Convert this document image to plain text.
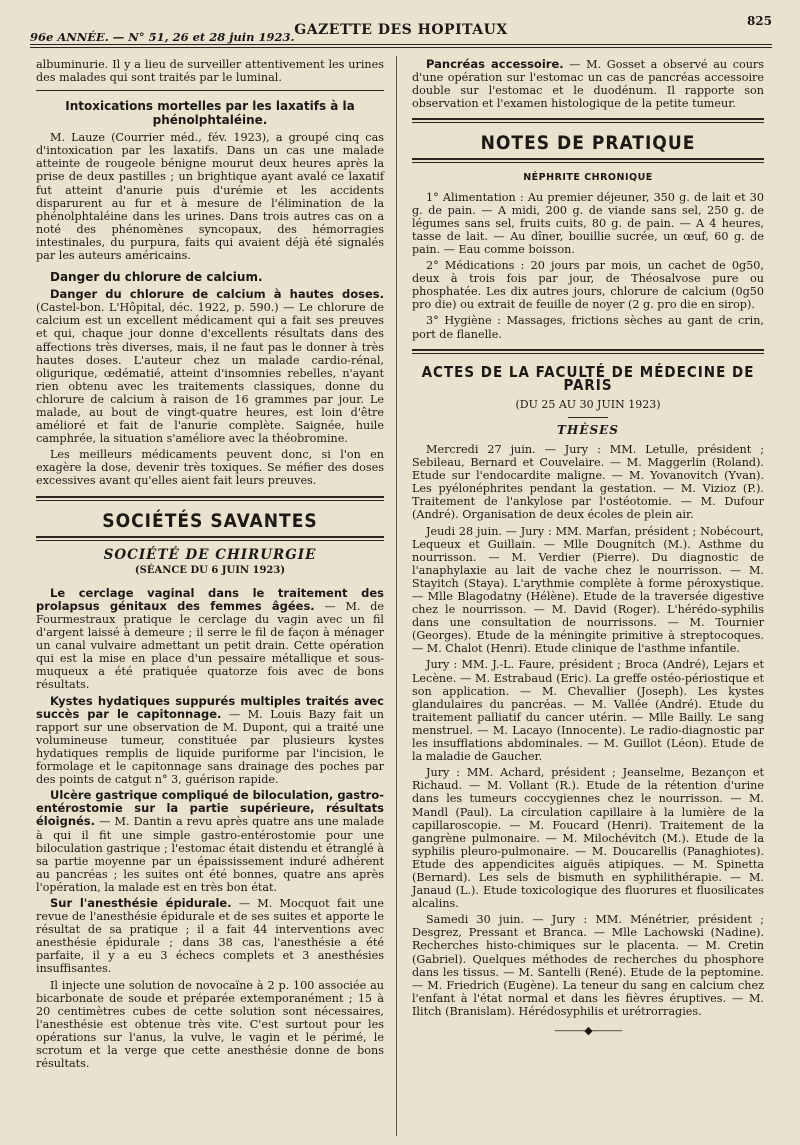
96e ANNÉE. — N° 51, 26 et 28 juin 1923. GAZETTE DES HOPITAUX
825

albuminurie. Il y a lieu de surveiller attentivement les urines des malades qui sont traités par le luminal.

Intoxications mortelles par les laxatifs à la phénolphtaléine.

M. Lauze (Courrier méd., fév. 1923), a groupé cinq cas d'intoxication par les laxatifs. Dans un cas une malade atteinte de rougeole bénigne mourut deux heures après la prise de deux pastilles ; un brightique ayant avalé ce laxatif fut atteint d'anurie puis d'urémie et les accidents disparurent au fur et à mesure de l'élimination de la phénolphtaléine dans les urines. Dans trois autres cas on a noté des phénomènes syncopaux, des hémorragies intestinales, du purpura, faits qui avaient déjà été signalés par les auteurs américains.

Danger du chlorure de calcium.

Danger du chlorure de calcium à hautes doses. (Castel-bon. L'Hôpital, déc. 1922, p. 590.) — Le chlorure de calcium est un excellent médicament qui a fait ses preuves et qui, chaque jour donne d'excellents résultats dans des affections très diverses, mais, il ne faut pas le donner à très hautes doses. L'auteur chez un malade cardio-rénal, oligurique, œdématié, atteint d'insomnies rebelles, n'ayant rien obtenu avec les traitements classiques, donne du chlorure de calcium à raison de 16 grammes par jour. Le malade, au bout de vingt-quatre heures, est loin d'être amélioré et fait de l'anurie complète. Saignée, huile camphrée, la situation s'améliore avec la théobromine.

Les meilleurs médicaments peuvent donc, si l'on en exagère la dose, devenir très toxiques. Se méfier des doses excessives avant qu'elles aient fait leurs preuves.

SOCIÉTÉS SAVANTES
SOCIÉTÉ DE CHIRURGIE
(SÉANCE DU 6 JUIN 1923)

Le cerclage vaginal dans le traitement des prolapsus génitaux des femmes âgées. — M. de Fourmestraux pratique le cerclage du vagin avec un fil d'argent laissé à demeure ; il serre le fil de façon à ménager un canal vulvaire admettant un petit drain. Cette opération qui est la mise en place d'un pessaire métallique et sous-muqueux a été pratiquée quatorze fois avec de bons résultats.

Kystes hydatiques suppurés multiples traités avec succès par le capitonnage. — M. Louis Bazy fait un rapport sur une observation de M. Dupont, qui a traité une volumineuse tumeur, constituée par plusieurs kystes hydatiques remplis de liquide puriforme par l'incision, le formolage et le capitonnage sans drainage des poches par des points de catgut n° 3, guérison rapide.

Ulcère gastrique compliqué de biloculation, gastro-entérostomie sur la partie supérieure, résultats éloignés. — M. Dantin a revu après quatre ans une malade à qui il fit une simple gastro-entérostomie pour une biloculation gastrique ; l'estomac était distendu et étranglé à sa partie moyenne par un épaississement induré adhérent au pancréas ; les suites ont été bonnes, quatre ans après l'opération, la malade est en très bon état.

Sur l'anesthésie épidurale. — M. Mocquot fait une revue de l'anesthésie épidurale et de ses suites et apporte le résultat de sa pratique ; il a fait 44 interventions avec anesthésie épidurale ; dans 38 cas, l'anesthésie a été parfaite, il y a eu 3 échecs complets et 3 anesthésies insuffisantes.

Il injecte une solution de novocaïne à 2 p. 100 associée au bicarbonate de soude et préparée extemporanément ; 15 à 20 centimètres cubes de cette solution sont nécessaires, l'anesthésie est obtenue très vite. C'est surtout pour les opérations sur l'anus, la vulve, le vagin et le périmé, le scrotum et la verge que cette anesthésie donne de bons résultats.

Pancréas accessoire. — M. Gosset a observé au cours d'une opération sur l'estomac un cas de pancréas accessoire double sur l'estomac et le duodénum. Il rapporte son observation et l'examen histologique de la petite tumeur.

NOTES DE PRATIQUE
NÉPHRITE CHRONIQUE

1° Alimentation : Au premier déjeuner, 350 g. de lait et 30 g. de pain. — A midi, 200 g. de viande sans sel, 250 g. de légumes sans sel, fruits cuits, 80 g. de pain. — A 4 heures, tasse de lait. — Au dîner, bouillie sucrée, un œuf, 60 g. de pain. — Eau comme boisson.

2° Médications : 20 jours par mois, un cachet de 0g50, deux à trois fois par jour, de Théosalvose pure ou phosphatée. Les dix autres jours, chlorure de calcium (0g50 pro die) ou extrait de feuille de noyer (2 g. pro die en sirop).

3° Hygiène : Massages, frictions sèches au gant de crin, port de flanelle.

ACTES DE LA FACULTÉ DE MÉDECINE DE PARIS
(DU 25 AU 30 JUIN 1923)
THÈSES

Mercredi 27 juin. — Jury : MM. Letulle, président ; Sebileau, Bernard et Couvelaire. — M. Maggerlin (Roland). Etude sur l'endocardite maligne. — M. Yovanovitch (Yvan). Les pyélonéphrites pendant la gestation. — M. Vizioz (P.). Traitement de l'ankylose par l'ostéotomie. — M. Dufour (André). Organisation de deux écoles de plein air.

Jeudi 28 juin. — Jury : MM. Marfan, président ; Nobécourt, Lequeux et Guillain. — Mlle Dougnitch (M.). Asthme du nourrisson. — M. Verdier (Pierre). Du diagnostic de l'anaphylaxie au lait de vache chez le nourrisson. — M. Stayitch (Staya). L'arythmie complète à forme péroxystique. — Mlle Blagodatny (Hélène). Etude de la traversée digestive chez le nourrisson. — M. David (Roger). L'hérédo-syphilis dans une consultation de nourrissons. — M. Tournier (Georges). Etude de la méningite primitive à streptocoques. — M. Chalot (Henri). Etude clinique de l'asthme infantile.

Jury : MM. J.-L. Faure, président ; Broca (André), Lejars et Lecène. — M. Estrabaud (Eric). La greffe ostéo-périostique et son application. — M. Chevallier (Joseph). Les kystes glandulaires du pancréas. — M. Vallée (André). Etude du traitement palliatif du cancer utérin. — Mlle Bailly. Le sang menstruel. — M. Lacayo (Innocente). Le radio-diagnostic par les insufflations abdominales. — M. Guillot (Léon). Etude de la maladie de Gaucher.

Jury : MM. Achard, président ; Jeanselme, Bezançon et Richaud. — M. Vollant (R.). Etude de la rétention d'urine dans les tumeurs coccygiennes chez le nourrisson. — M. Mandl (Paul). La circulation capillaire à la lumière de la capillaroscopie. — M. Foucard (Henri). Traitement de la gangrène pulmonaire. — M. Milochévitch (M.). Etude de la syphilis pleuro-pulmonaire. — M. Doucarellis (Panaghiotes). Etude des appendicites aiguës atipiques. — M. Spinetta (Bernard). Les sels de bismuth en syphilithérapie. — M. Janaud (L.). Etude toxicologique des fluorures et fluosilicates alcalins.

Samedi 30 juin. — Jury : MM. Ménétrier, président ; Desgrez, Pressant et Branca. — Mlle Lachowski (Nadine). Recherches histo-chimiques sur le placenta. — M. Cretin (Gabriel). Quelques méthodes de recherches du phosphore dans les tissus. — M. Santelli (René). Etude de la peptomine. — M. Friedrich (Eugène). La teneur du sang en calcium chez l'enfant à l'état normal et dans les fièvres éruptives. — M. Ilitch (Branislam). Hérédosyphilis et urétrorragies.

———◆———
